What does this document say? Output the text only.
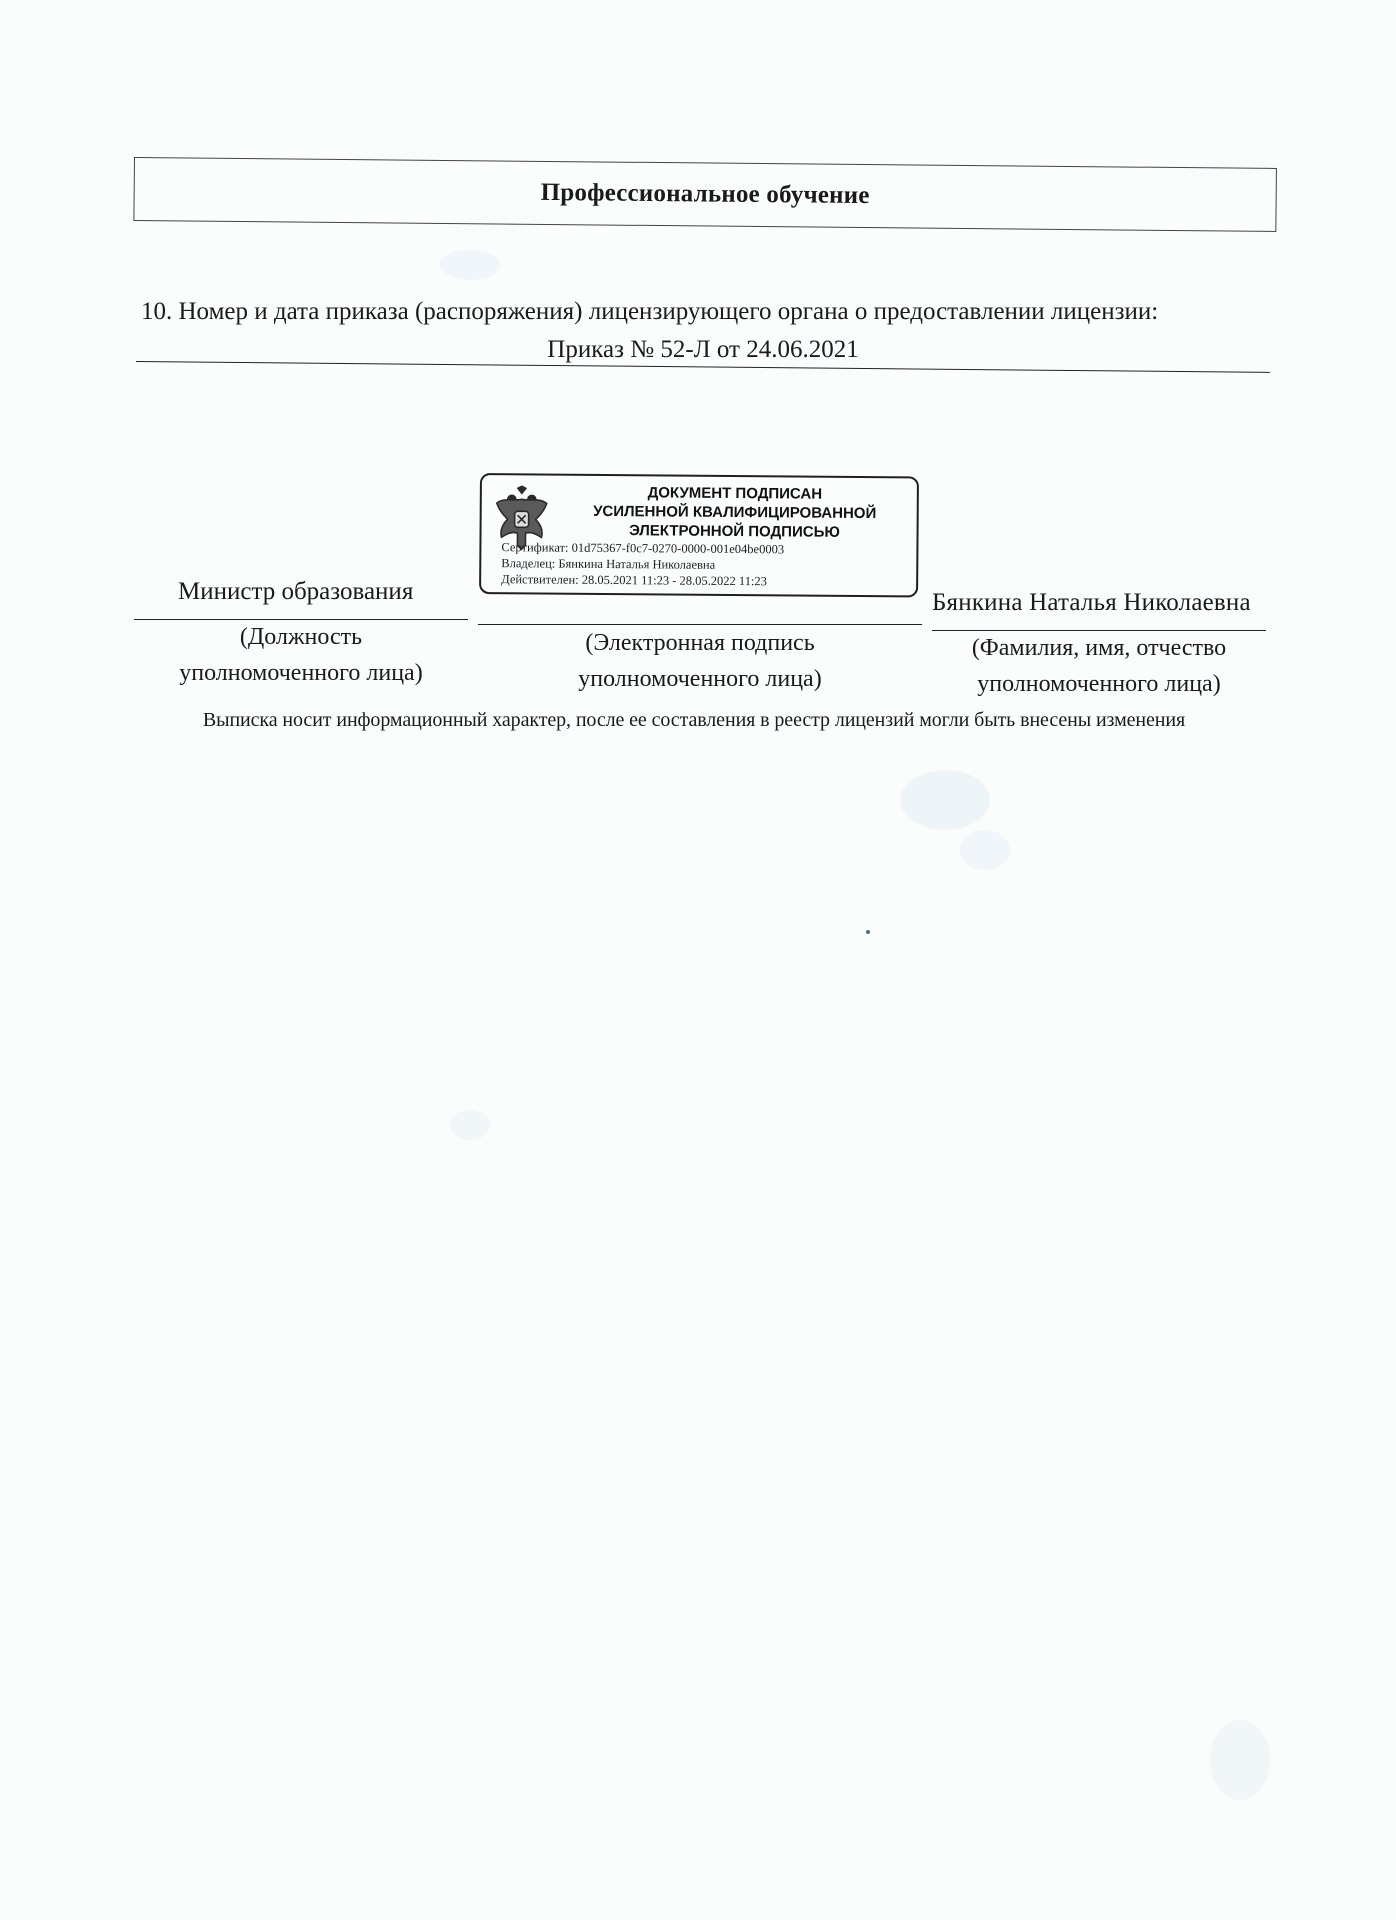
Профессиональное обучение
10. Номер и дата приказа (распоряжения) лицензирующего органа о предоставлении лицензии:
Приказ № 52-Л от 24.06.2021
ДОКУМЕНТ ПОДПИСАН
УСИЛЕННОЙ КВАЛИФИЦИРОВАННОЙ
ЭЛЕКТРОННОЙ ПОДПИСЬЮ
Сертификат: 01d75367-f0c7-0270-0000-001e04be0003
Владелец: Бянкина Наталья Николаевна
Действителен: 28.05.2021 11:23 - 28.05.2022 11:23
Министр образования	Бянкина Наталья Николаевна
(Должность
уполномоченного лица)
(Электронная подпись
уполномоченного лица)
(Фамилия, имя, отчество
уполномоченного лица)
Выписка носит информационный характер, после ее составления в реестр лицензий могли быть внесены изменения
